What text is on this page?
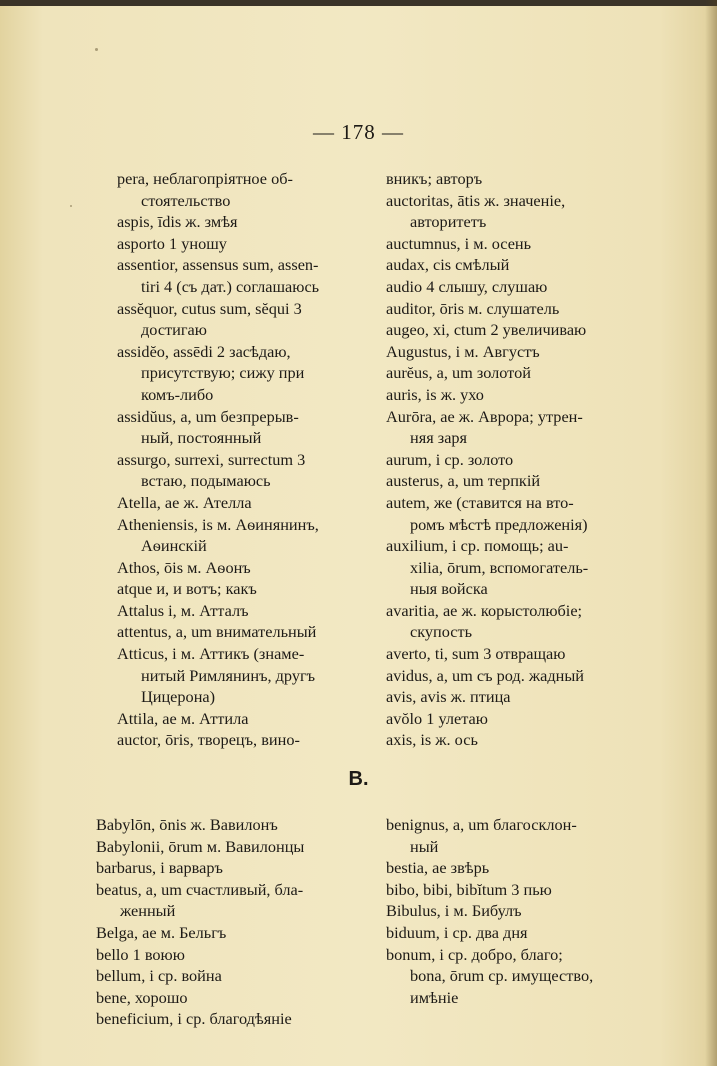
— 178 —
pera, неблагопріятное об-
стоятельство
aspis, īdis ж. змѣя
asporto 1 уношу
assentior, assensus sum, assen-
tiri 4 (съ дат.) соглашаюсь
assĕquor, cutus sum, sĕqui 3
достигаю
assidĕo, assēdi 2 засѣдаю,
присутствую; сижу при
комъ-либо
assidŭus, a, um безпрерыв-
ный, постоянный
assurgo, surrexi, surrectum 3
встаю, подымаюсь
Atella, ae ж. Ателла
Atheniensis, is м. Аѳинянинъ,
Аѳинскій
Athos, ōis м. Аѳонъ
atque и, и вотъ; какъ
Attalus i, м. Атталъ
attentus, a, um внимательный
Atticus, i м. Аттикъ (знаме-
нитый Римлянинъ, другъ
Цицерона)
Attila, ae м. Аттила
auctor, ōris, творецъ, вино-
вникъ; авторъ
auctoritas, ātis ж. значеніе,
авторитетъ
auctumnus, i м. осень
audax, cis смѣлый
audio 4 слышу, слушаю
auditor, ōris м. слушатель
augeo, xi, ctum 2 увеличиваю
Augustus, i м. Августъ
aurĕus, a, um золотой
auris, is ж. ухо
Aurōra, ae ж. Аврора; утрен-
няя заря
aurum, i ср. золото
austerus, a, um терпкій
autem, же (ставится на вто-
ромъ мѣстѣ предложенія)
auxilium, i ср. помощь; au-
xilia, ōrum, вспомогатель-
ныя войска
avaritia, ae ж. корыстолюбіе;
скупость
averto, ti, sum 3 отвращаю
avidus, a, um съ род. жадный
avis, avis ж. птица
avŏlo 1 улетаю
axis, is ж. ось
B.
Babylōn, ōnis ж. Вавилонъ
Babylonii, ōrum м. Вавилонцы
barbarus, i варваръ
beatus, a, um счастливый, бла-
женный
Belga, ae м. Бельгъ
bello 1 воюю
bellum, i ср. война
bene, хорошо
beneficium, i ср. благодѣяніе
benignus, a, um благосклон-
ный
bestia, ae звѣрь
bibo, bibi, bibĭtum 3 пью
Bibulus, i м. Бибулъ
biduum, i ср. два дня
bonum, i ср. добро, благо;
bona, ōrum ср. имущество,
имѣніе
